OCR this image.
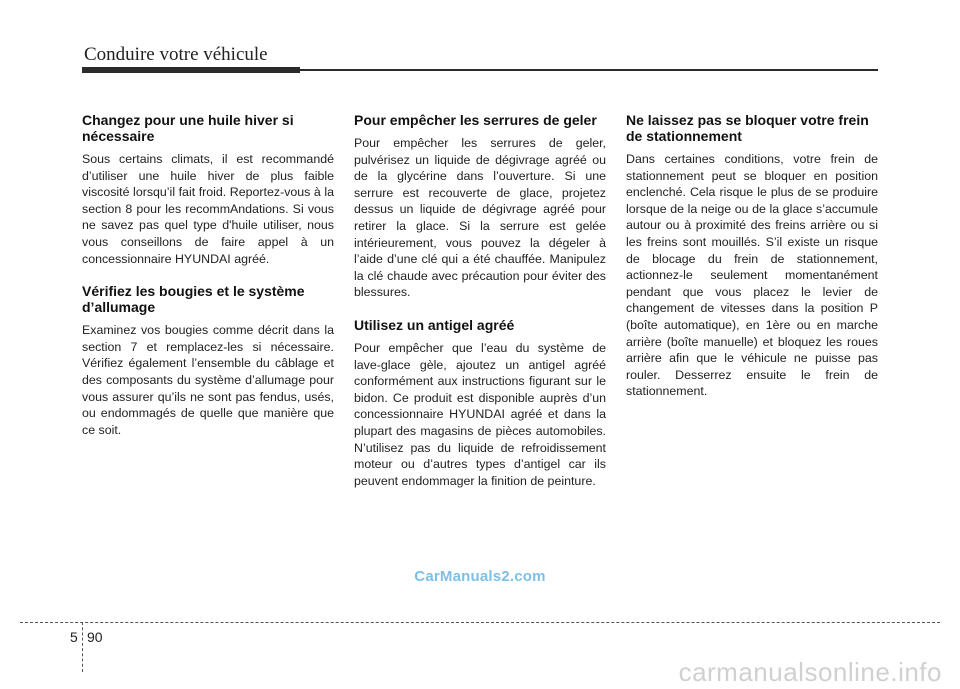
Conduire votre véhicule
Changez pour une huile hiver si nécessaire

Sous certains climats, il est recommandé d’utiliser une huile hiver de plus faible viscosité lorsqu’il fait froid. Reportez-vous à la section 8 pour les recommAndations. Si vous ne savez pas quel type d'huile utiliser, nous vous conseillons de faire appel à un concessionnaire HYUNDAI agréé.

Vérifiez les bougies et le système d’allumage

Examinez vos bougies comme décrit dans la section 7 et remplacez-les si nécessaire. Vérifiez également l’ensemble du câblage et des composants du système d’allumage pour vous assurer qu’ils ne sont pas fendus, usés, ou endommagés de quelle que manière que ce soit.

Pour empêcher les serrures de geler

Pour empêcher les serrures de geler, pulvérisez un liquide de dégivrage agréé ou de la glycérine dans l’ouverture. Si une serrure est recouverte de glace, projetez dessus un liquide de dégivrage agréé pour retirer la glace. Si la serrure est gelée intérieurement, vous pouvez la dégeler à l’aide d’une clé qui a été chauffée. Manipulez la clé chaude avec précaution pour éviter des blessures.

Utilisez un antigel agréé

Pour empêcher que l’eau du système de lave-glace gèle, ajoutez un antigel agréé conformément aux instructions figurant sur le bidon. Ce produit est disponible auprès d’un concessionnaire HYUNDAI agréé et dans la plupart des magasins de pièces automobiles. N’utilisez pas du liquide de refroidissement moteur ou d’autres types d’antigel car ils peuvent endommager la finition de peinture.

Ne laissez pas se bloquer votre frein de stationnement

Dans certaines conditions, votre frein de stationnement peut se bloquer en position enclenché. Cela risque le plus de se produire lorsque de la neige ou de la glace s’accumule autour ou à proximité des freins arrière ou si les freins sont mouillés. S’il existe un risque de blocage du frein de stationnement, actionnez-le seulement momentanément pendant que vous placez le levier de changement de vitesses dans la position P (boîte automatique), en 1ère ou en marche arrière (boîte manuelle) et bloquez les roues arrière afin que le véhicule ne puisse pas rouler. Desserrez ensuite le frein de stationnement.

CarManuals2.com
5 90
carmanualsonline.info
